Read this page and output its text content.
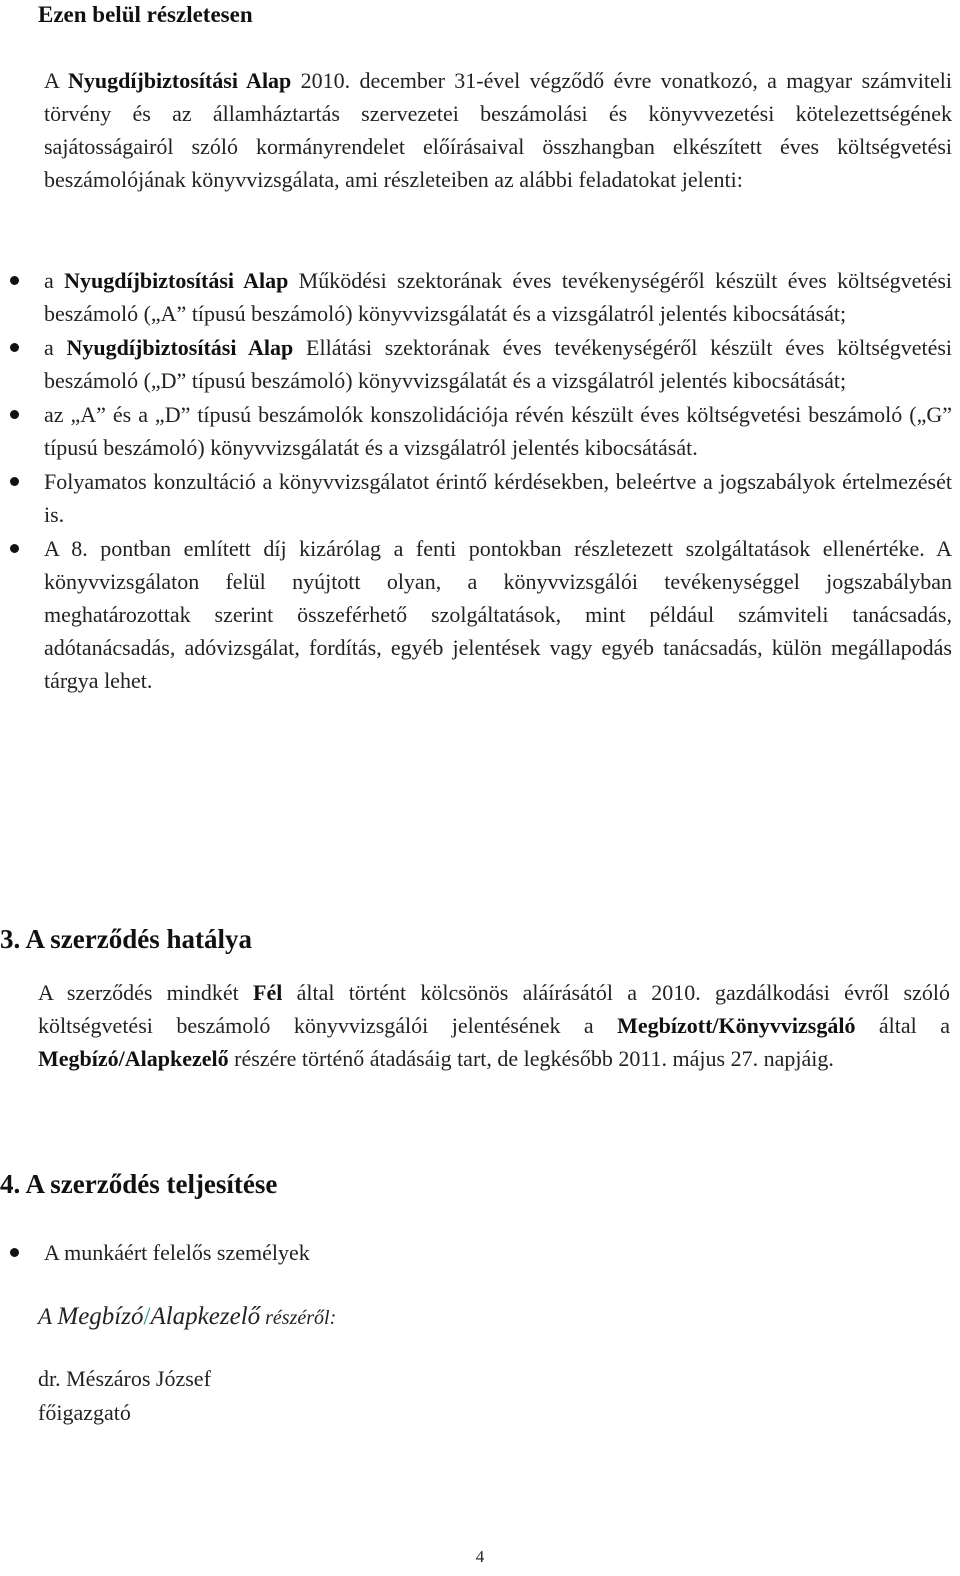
Ezen belül részletesen

A Nyugdíjbiztosítási Alap 2010. december 31-ével végződő évre vonatkozó, a magyar számviteli törvény és az államháztartás szervezetei beszámolási és könyvvezetési kötelezettségének sajátosságairól szóló kormányrendelet előírásaival összhangban elkészített éves költségvetési beszámolójának könyvvizsgálata, ami részleteiben az alábbi feladatokat jelenti:

a Nyugdíjbiztosítási Alap Működési szektorának éves tevékenységéről készült éves költségvetési beszámoló („A” típusú beszámoló) könyvvizsgálatát és a vizsgálatról jelentés kibocsátását;
a Nyugdíjbiztosítási Alap Ellátási szektorának éves tevékenységéről készült éves költségvetési beszámoló („D” típusú beszámoló) könyvvizsgálatát és a vizsgálatról jelentés kibocsátását;
az „A” és a „D” típusú beszámolók konszolidációja révén készült éves költségvetési beszámoló („G” típusú beszámoló) könyvvizsgálatát és a vizsgálatról jelentés kibocsátását.
Folyamatos konzultáció a könyvvizsgálatot érintő kérdésekben, beleértve a jogszabályok értelmezését is.
A 8. pontban említett díj kizárólag a fenti pontokban részletezett szolgáltatások ellenértéke. A könyvvizsgálaton felül nyújtott olyan, a könyvvizsgálói tevékenységgel jogszabályban meghatározottak szerint összeférhető szolgáltatások, mint például számviteli tanácsadás, adótanácsadás, adóvizsgálat, fordítás, egyéb jelentések vagy egyéb tanácsadás, külön megállapodás tárgya lehet.

3. A szerződés hatálya

A szerződés mindkét Fél által történt kölcsönös aláírásától a 2010. gazdálkodási évről szóló költségvetési beszámoló könyvvizsgálói jelentésének a Megbízott/Könyvvizsgáló által a Megbízó/Alapkezelő részére történő átadásáig tart, de legkésőbb 2011. május 27. napjáig.

4. A szerződés teljesítése

A munkáért felelős személyek

A Megbízó/Alapkezelő részéről:

dr. Mészáros József
főigazgató

4
